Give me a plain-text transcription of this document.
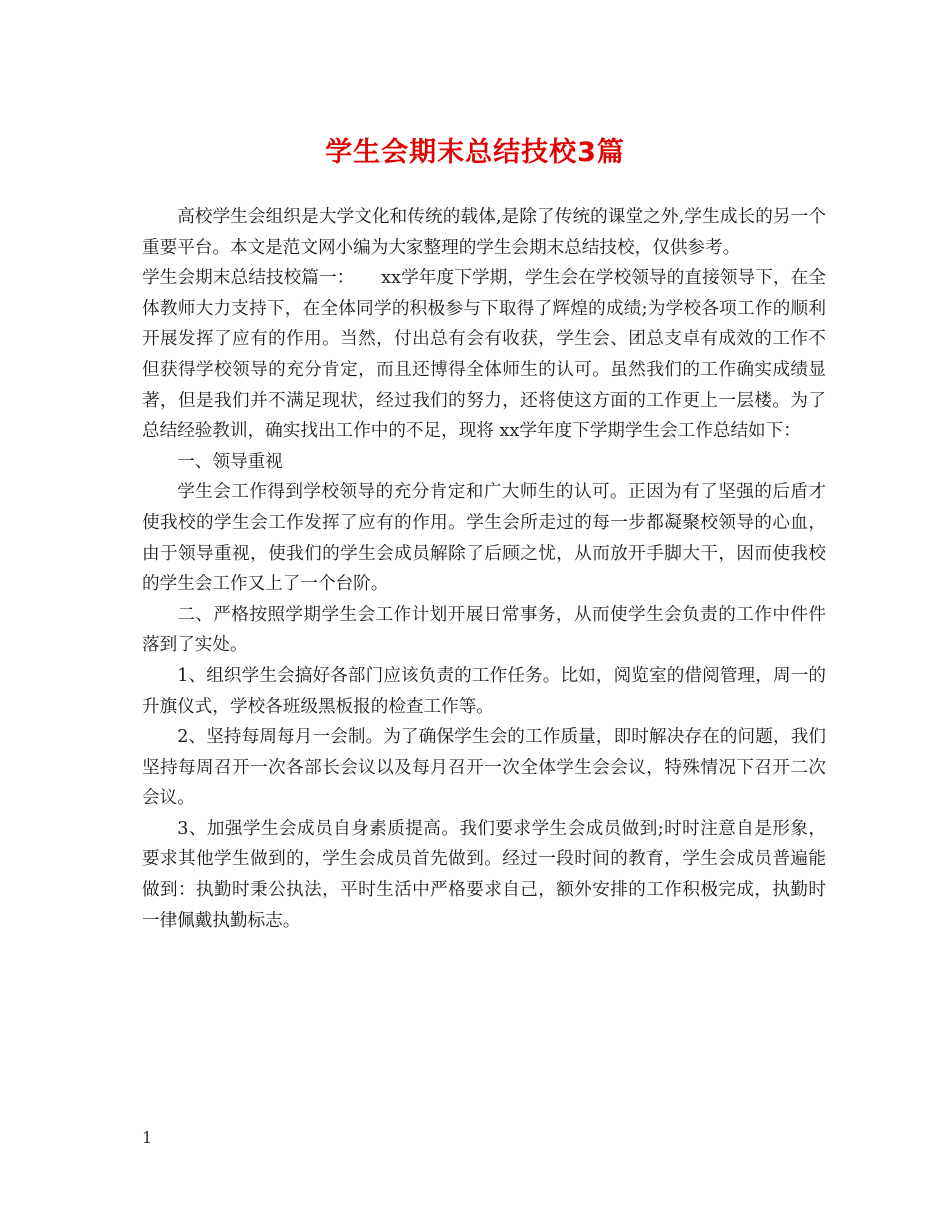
学生会期末总结技校3篇

高校学生会组织是大学文化和传统的载体,是除了传统的课堂之外,学生成长的另一个重要平台。本文是范文网小编为大家整理的学生会期末总结技校，仅供参考。

学生会期末总结技校篇一：　　xx学年度下学期，学生会在学校领导的直接领导下，在全体教师大力支持下，在全体同学的积极参与下取得了辉煌的成绩;为学校各项工作的顺利开展发挥了应有的作用。当然，付出总有会有收获，学生会、团总支卓有成效的工作不但获得学校领导的充分肯定，而且还博得全体师生的认可。虽然我们的工作确实成绩显著，但是我们并不满足现状，经过我们的努力，还将使这方面的工作更上一层楼。为了总结经验教训，确实找出工作中的不足，现将 xx学年度下学期学生会工作总结如下：

一、领导重视

学生会工作得到学校领导的充分肯定和广大师生的认可。正因为有了坚强的后盾才使我校的学生会工作发挥了应有的作用。学生会所走过的每一步都凝聚校领导的心血，由于领导重视，使我们的学生会成员解除了后顾之忧，从而放开手脚大干，因而使我校的学生会工作又上了一个台阶。

二、严格按照学期学生会工作计划开展日常事务，从而使学生会负责的工作中件件落到了实处。

1、组织学生会搞好各部门应该负责的工作任务。比如，阅览室的借阅管理，周一的升旗仪式，学校各班级黑板报的检查工作等。

2、坚持每周每月一会制。为了确保学生会的工作质量，即时解决存在的问题，我们坚持每周召开一次各部长会议以及每月召开一次全体学生会会议，特殊情况下召开二次会议。

3、加强学生会成员自身素质提高。我们要求学生会成员做到;时时注意自是形象，要求其他学生做到的，学生会成员首先做到。经过一段时间的教育，学生会成员普遍能做到：执勤时秉公执法，平时生活中严格要求自己，额外安排的工作积极完成，执勤时一律佩戴执勤标志。

1
